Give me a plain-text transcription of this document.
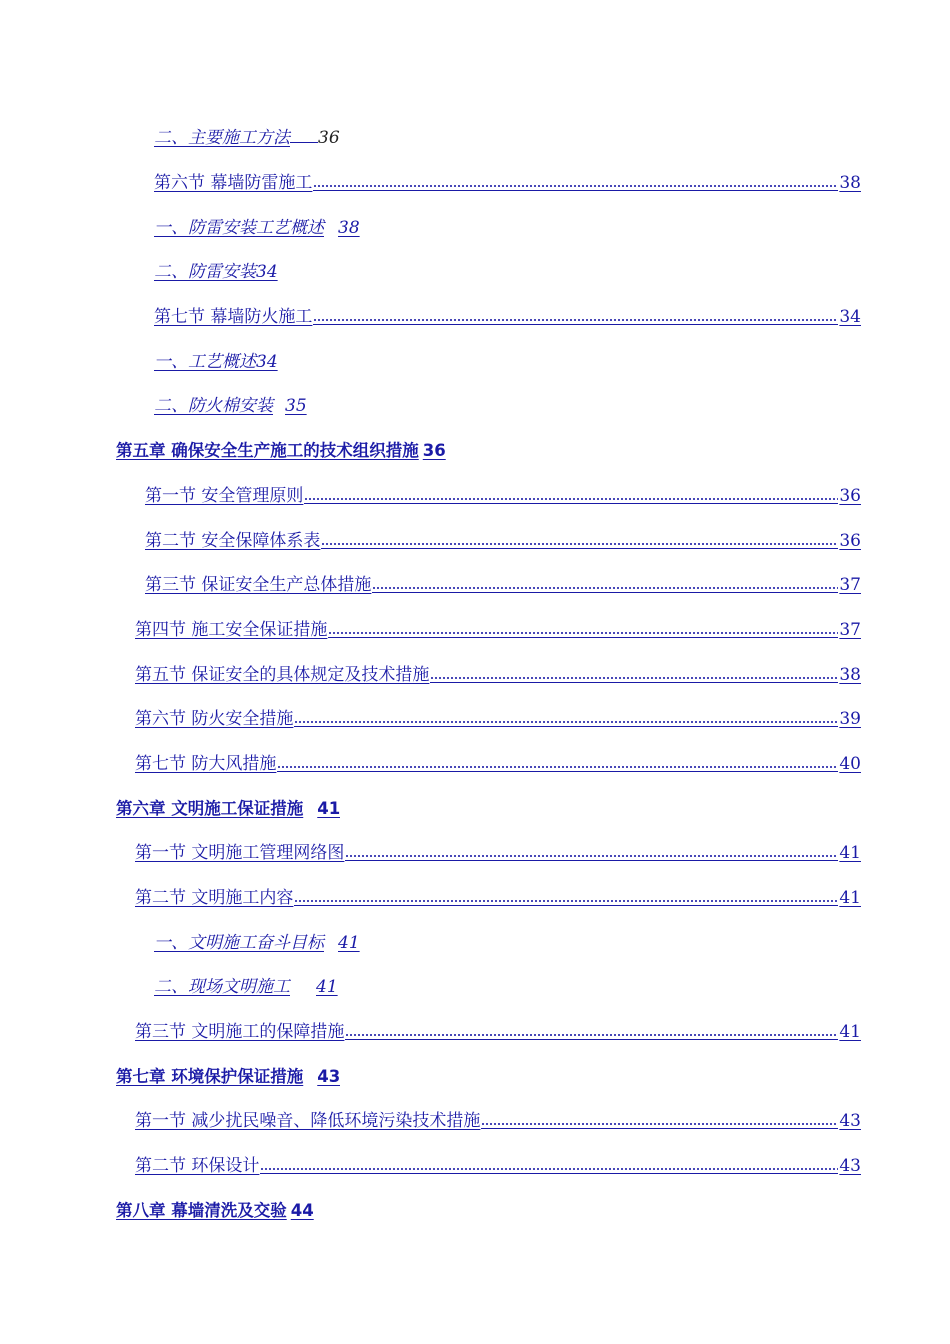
二、主要施工方法 36
第六节 幕墙防雷施工	38
一、防雷安装工艺概述 38
二、防雷安装34
第七节 幕墙防火施工	34
一、工艺概述34
二、防火棉安装 35
第五章 确保安全生产施工的技术组织措施 36
第一节 安全管理原则	36
第二节 安全保障体系表	36
第三节 保证安全生产总体措施	37
第四节 施工安全保证措施	37
第五节 保证安全的具体规定及技术措施	38
第六节 防火安全措施	39
第七节 防大风措施	40
第六章 文明施工保证措施 41
第一节 文明施工管理网络图	41
第二节 文明施工内容	41
一、文明施工奋斗目标 41
二、现场文明施工 41
第三节 文明施工的保障措施	41
第七章 环境保护保证措施 43
第一节 减少扰民噪音、降低环境污染技术措施	43
第二节 环保设计	43
第八章 幕墙清洗及交验 44
